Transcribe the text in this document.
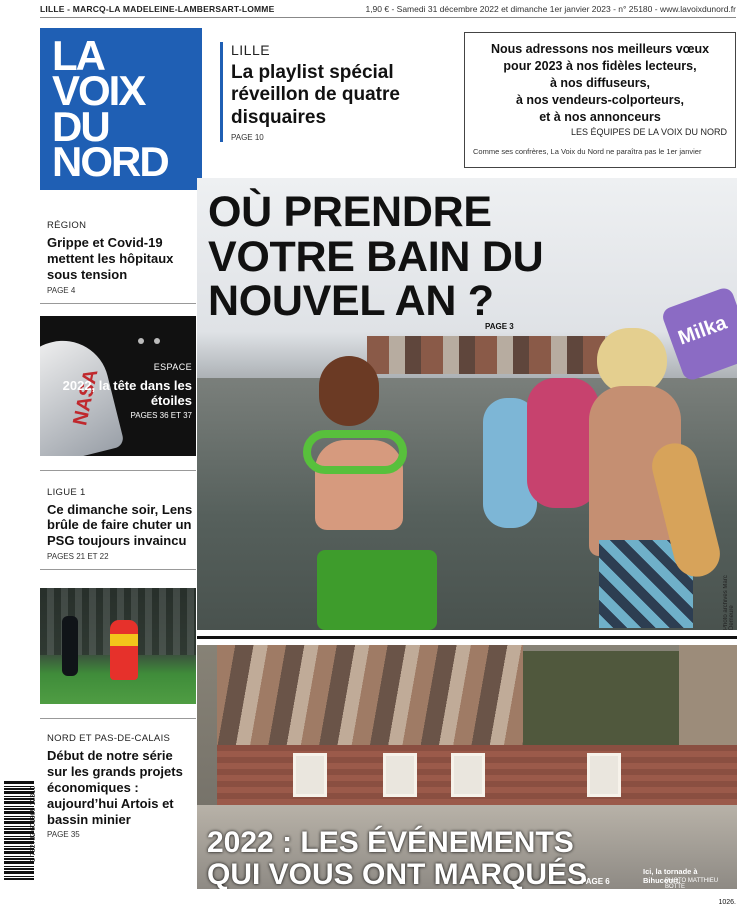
LILLE - MARCQ-LA MADELEINE-LAMBERSART-LOMME	1,90 € - Samedi 31 décembre 2022 et dimanche 1er janvier 2023 - n° 25180 - www.lavoixdunord.fr
LA
VOIX
DU
NORD
LILLE
La playlist spécial réveillon de quatre disquaires
PAGE 10
Nous adressons nos meilleurs vœux
pour 2023 à nos fidèles lecteurs,
à nos diffuseurs,
à nos vendeurs-colporteurs,
et à nos annonceurs
LES ÉQUIPES DE LA VOIX DU NORD
Comme ses confrères, La Voix du Nord ne paraîtra pas le 1er janvier
RÉGION
Grippe et Covid-19 mettent les hôpitaux sous tension
PAGE 4
NASA
ESPACE
2022, la tête dans les étoiles
PAGES 36 ET 37
LIGUE 1
Ce dimanche soir, Lens brûle de faire chuter un PSG toujours invaincu
PAGES 21 ET 22
NORD ET PAS-DE-CALAIS
Début de notre série sur les grands projets économiques : aujourd’hui Artois et bassin minier
PAGE 35
Milka
OÙ PRENDRE VOTRE BAIN DU NOUVEL AN ?
PAGE 3
Photo archives Marc Demeure
2022 : LES ÉVÉNEMENTS
QUI VOUS ONT MARQUÉS
PAGE 6
Ici, la tornade à Bihucourt.
PHOTO MATTHIEU BOTTE
3 782782 601909 12310
1026.
